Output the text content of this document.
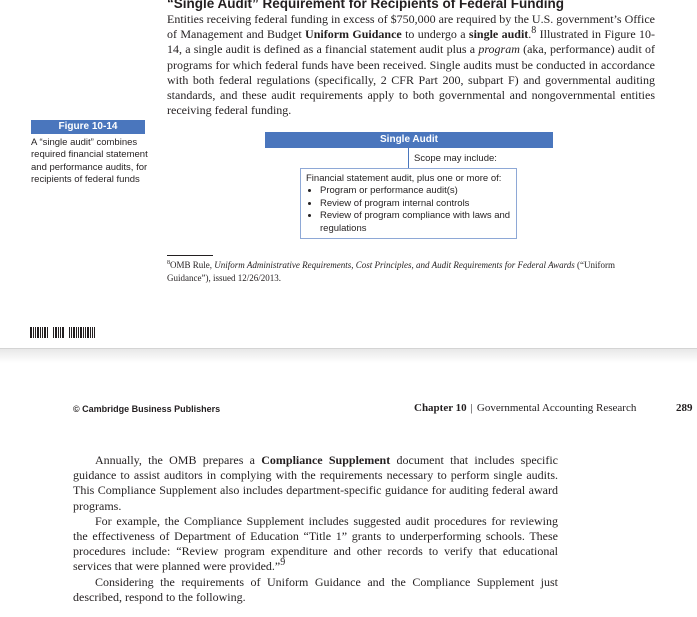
“Single Audit” Requirement for Recipients of Federal Funding
Entities receiving federal funding in excess of $750,000 are required by the U.S. government’s Office of Management and Budget Uniform Guidance to undergo a single audit.$^8$ Illustrated in Figure 10-14, a single audit is defined as a financial statement audit plus a program (aka, performance) audit of programs for which federal funds have been received. Single audits must be conducted in accordance with both federal regulations (specifically, 2 CFR Part 200, subpart F) and governmental auditing standards, and these audit requirements apply to both governmental and nongovernmental entities receiving federal funding.
Figure 10-14
A “single audit” combines required financial statement and performance audits, for recipients of federal funds
Single Audit
Scope may include:
Financial statement audit, plus one or more of:
• Program or performance audit(s)
• Review of program internal controls
• Review of program compliance with laws and regulations
$^8$OMB Rule, Uniform Administrative Requirements, Cost Principles, and Audit Requirements for Federal Awards (“Uniform Guidance”), issued 12/26/2013.
© Cambridge Business Publishers	Chapter 10 | Governmental Accounting Research	289

Annually, the OMB prepares a Compliance Supplement document that includes specific guidance to assist auditors in complying with the requirements necessary to perform single audits. This Compliance Supplement also includes department-specific guidance for auditing federal award programs.

For example, the Compliance Supplement includes suggested audit procedures for reviewing the effectiveness of Department of Education “Title 1” grants to underperforming schools. These procedures include: “Review program expenditure and other records to verify that educational services that were planned were provided.”$^9$

Considering the requirements of Uniform Guidance and the Compliance Supplement just described, respond to the following.
